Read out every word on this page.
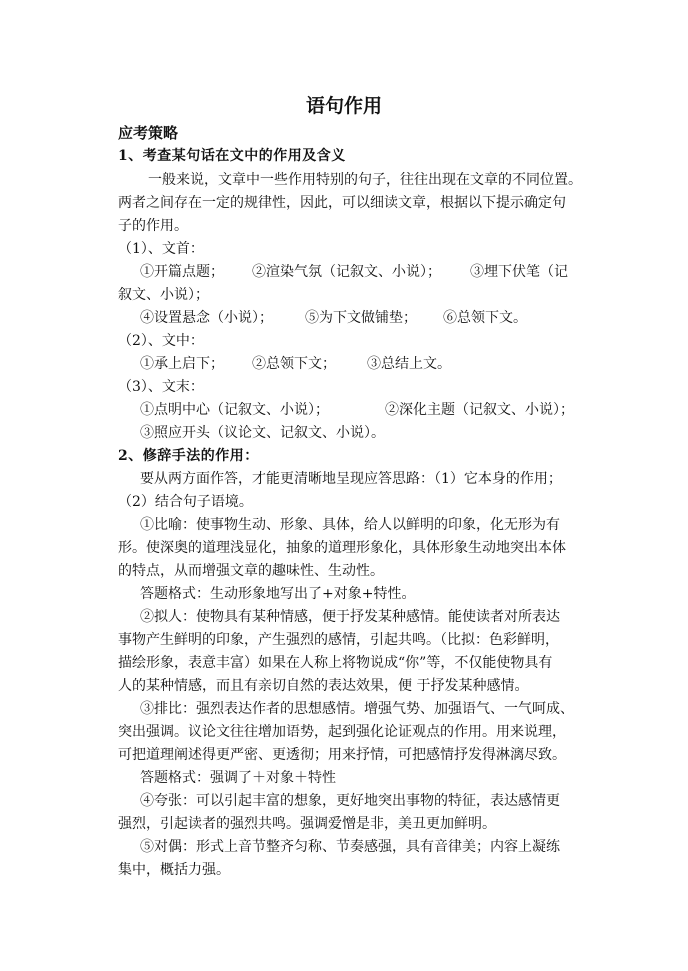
语句作用
应考策略
1、考查某句话在文中的作用及含义
一般来说，文章中一些作用特别的句子，往往出现在文章的不同位置。
两者之间存在一定的规律性，因此，可以细读文章，根据以下提示确定句
子的作用。
（1）、文首：
①开篇点题； ②渲染气氛（记叙文、小说）； ③埋下伏笔（记
叙文、小说）；
④设置悬念（小说）； ⑤为下文做铺垫； ⑥总领下文。
（2）、文中：
①承上启下； ②总领下文； ③总结上文。
（3）、文末：
①点明中心（记叙文、小说）；	②深化主题（记叙文、小说）；
③照应开头（议论文、记叙文、小说）。
2、修辞手法的作用：
要从两方面作答，才能更清晰地呈现应答思路：（1）它本身的作用；
（2）结合句子语境。
①比喻：使事物生动、形象、具体，给人以鲜明的印象，化无形为有
形。使深奥的道理浅显化，抽象的道理形象化，具体形象生动地突出本体
的特点，从而增强文章的趣味性、生动性。
答题格式：生动形象地写出了+对象+特性。
②拟人：使物具有某种情感，便于抒发某种感情。能使读者对所表达
事物产生鲜明的印象，产生强烈的感情，引起共鸣。（比拟：色彩鲜明，
描绘形象，表意丰富）如果在人称上将物说成“你”等，不仅能使物具有
人的某种情感，而且有亲切自然的表达效果，便 于抒发某种感情。
③排比：强烈表达作者的思想感情。增强气势、加强语气、一气呵成、
突出强调。议论文往往增加语势，起到强化论证观点的作用。用来说理，
可把道理阐述得更严密、更透彻；用来抒情，可把感情抒发得淋漓尽致。
答题格式：强调了＋对象＋特性
④夸张：可以引起丰富的想象，更好地突出事物的特征，表达感情更
强烈，引起读者的强烈共鸣。强调爱憎是非，美丑更加鲜明。
⑤对偶：形式上音节整齐匀称、节奏感强，具有音律美；内容上凝练
集中，概括力强。
